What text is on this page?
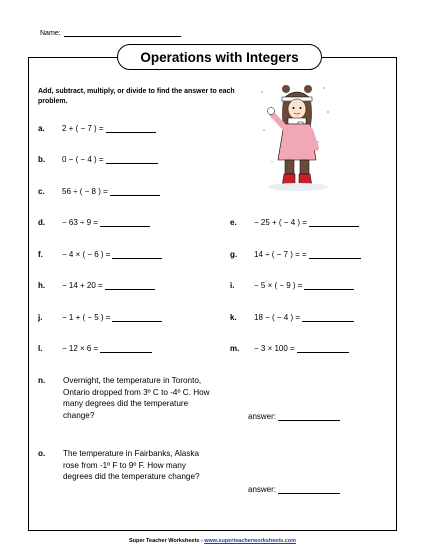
Name:
Operations with Integers
Add, subtract, multiply, or divide to find the answer to each problem.
a.	2 + ( − 7 ) =
b.	0 − ( − 4 ) =
c.	56 ÷ ( − 8 ) =
d.	− 63 ÷ 9 =	e.	− 25 + ( − 4 ) =
f.	− 4 × ( − 6 ) =	g.	14 ÷ ( − 7 ) = =
h.	− 14 + 20 =	i.	− 5 × ( − 9 ) =
j.	− 1 + ( − 5 ) =	k.	18 − ( − 4 ) =
l.	− 12 × 6 =	m.	− 3 × 100 =
n.	Overnight, the temperature in Toronto, Ontario dropped from 3º C to -4º C. How many degrees did the temperature change?	answer:
o.	The temperature in Fairbanks, Alaska rose from -1º F to 9º F. How many degrees did the temperature change?
answer:
Super Teacher Worksheets - www.superteacherworksheets.com
